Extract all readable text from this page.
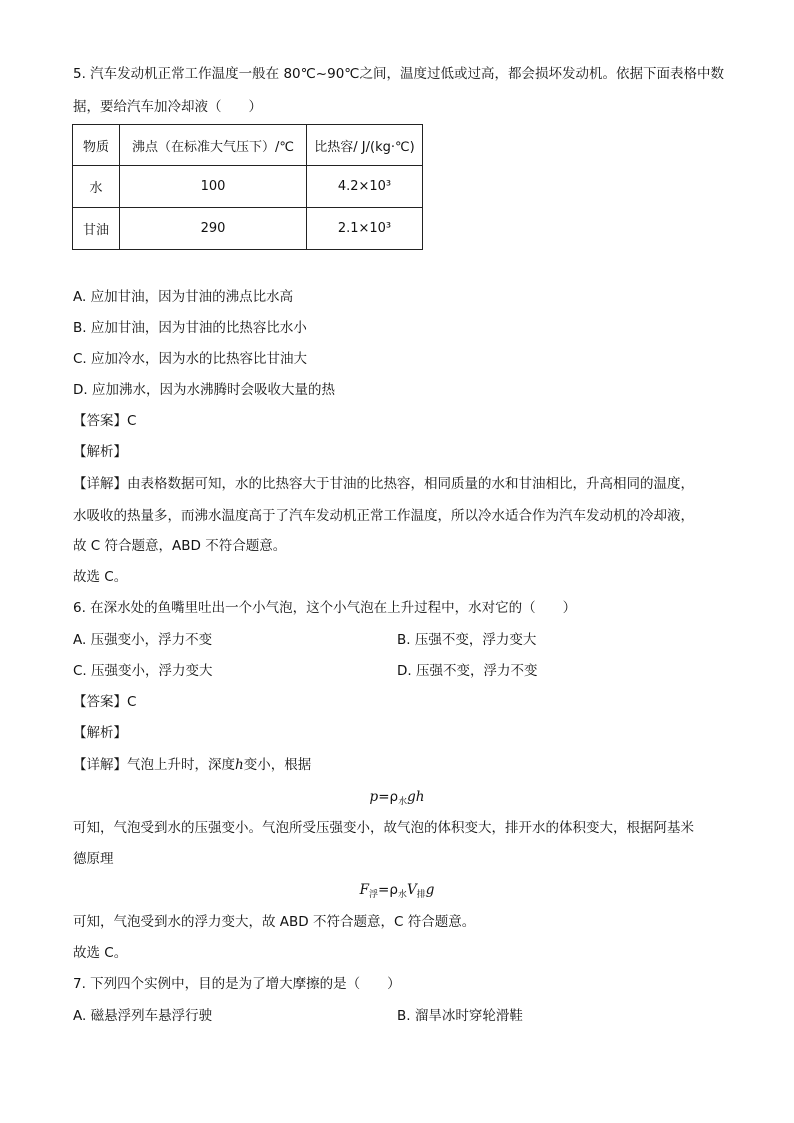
5. 汽车发动机正常工作温度一般在 80℃~90℃之间，温度过低或过高，都会损坏发动机。依据下面表格中数
据，要给汽车加冷却液（　　）
物质	沸点（在标准大气压下）/℃	比热容/ J/(kg·℃)
水	100	4.2×10³
甘油	290	2.1×10³
A. 应加甘油，因为甘油的沸点比水高
B. 应加甘油，因为甘油的比热容比水小
C. 应加冷水，因为水的比热容比甘油大
D. 应加沸水，因为水沸腾时会吸收大量的热
【答案】C
【解析】
【详解】由表格数据可知，水的比热容大于甘油的比热容，相同质量的水和甘油相比，升高相同的温度，
水吸收的热量多，而沸水温度高于了汽车发动机正常工作温度，所以冷水适合作为汽车发动机的冷却液，
故 C 符合题意，ABD 不符合题意。
故选 C。
6. 在深水处的鱼嘴里吐出一个小气泡，这个小气泡在上升过程中，水对它的（　　）
A. 压强变小，浮力不变	B. 压强不变，浮力变大
C. 压强变小，浮力变大	D. 压强不变，浮力不变
【答案】C
【解析】
【详解】气泡上升时，深度h变小，根据
$p=\rho_水gh$
可知，气泡受到水的压强变小。气泡所受压强变小，故气泡的体积变大，排开水的体积变大，根据阿基米
德原理
$F_浮=\rho_水V_排g$
可知，气泡受到水的浮力变大，故 ABD 不符合题意，C 符合题意。
故选 C。
7. 下列四个实例中，目的是为了增大摩擦的是（　　）
A. 磁悬浮列车悬浮行驶	B. 溜旱冰时穿轮滑鞋
